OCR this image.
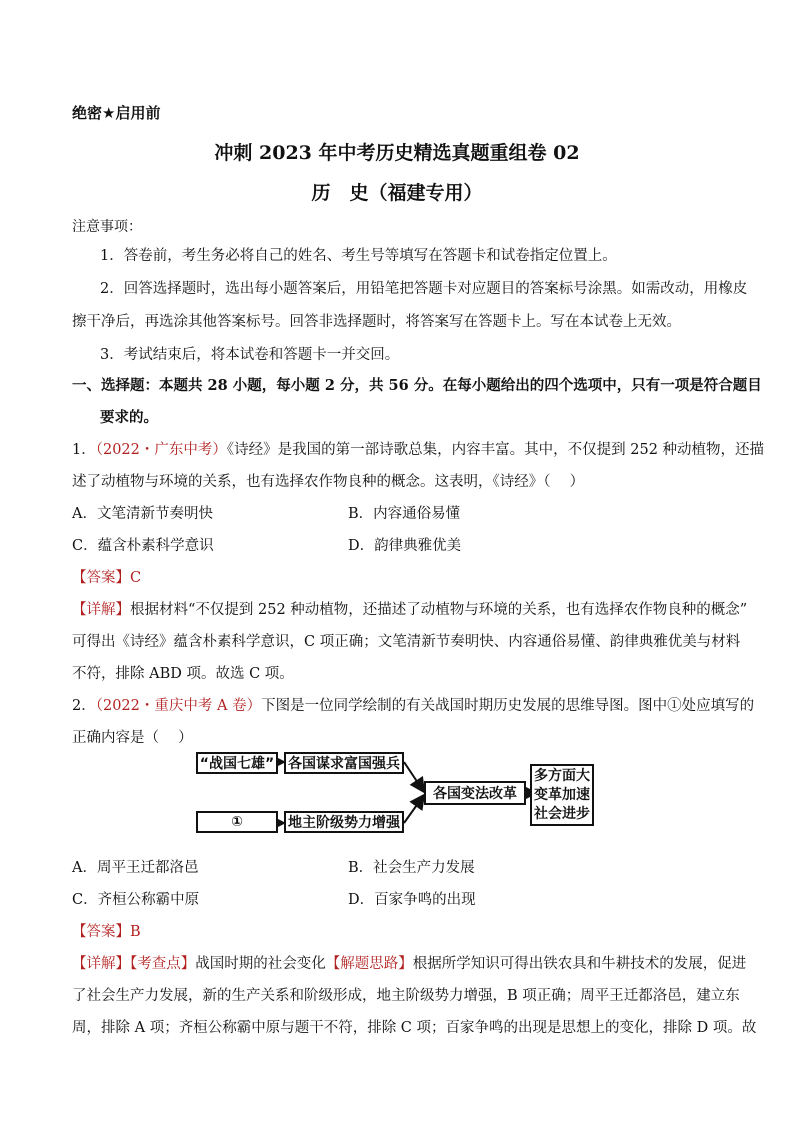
绝密★启用前
冲刺 2023 年中考历史精选真题重组卷 02
历　史（福建专用）
注意事项：
1．答卷前，考生务必将自己的姓名、考生号等填写在答题卡和试卷指定位置上。
2．回答选择题时，选出每小题答案后，用铅笔把答题卡对应题目的答案标号涂黑。如需改动，用橡皮
擦干净后，再选涂其他答案标号。回答非选择题时，将答案写在答题卡上。写在本试卷上无效。
3．考试结束后，将本试卷和答题卡一并交回。
一、选择题：本题共 28 小题，每小题 2 分，共 56 分。在每小题给出的四个选项中，只有一项是符合题目
要求的。
1．（2022・广东中考）《诗经》是我国的第一部诗歌总集，内容丰富。其中，不仅提到 252 种动植物，还描
述了动植物与环境的关系，也有选择农作物良种的概念。这表明，《诗经》（　 ）
A．文笔清新节奏明快	B．内容通俗易懂
C．蕴含朴素科学意识	D．韵律典雅优美
【答案】C
【详解】根据材料“不仅提到 252 种动植物，还描述了动植物与环境的关系，也有选择农作物良种的概念”
可得出《诗经》蕴含朴素科学意识，C 项正确；文笔清新节奏明快、内容通俗易懂、韵律典雅优美与材料
不符，排除 ABD 项。故选 C 项。
2．（2022・重庆中考 A 卷）下图是一位同学绘制的有关战国时期历史发展的思维导图。图中①处应填写的
正确内容是（　 ）
“战国七雄” 各国谋求富国强兵
①	地主阶级势力增强
各国变法改革
多方面大
变革加速
社会进步
A．周平王迁都洛邑	B．社会生产力发展
C．齐桓公称霸中原	D．百家争鸣的出现
【答案】B
【详解】【考查点】战国时期的社会变化【解题思路】根据所学知识可得出铁农具和牛耕技术的发展，促进
了社会生产力发展，新的生产关系和阶级形成，地主阶级势力增强，B 项正确；周平王迁都洛邑，建立东
周，排除 A 项；齐桓公称霸中原与题干不符，排除 C 项；百家争鸣的出现是思想上的变化，排除 D 项。故
